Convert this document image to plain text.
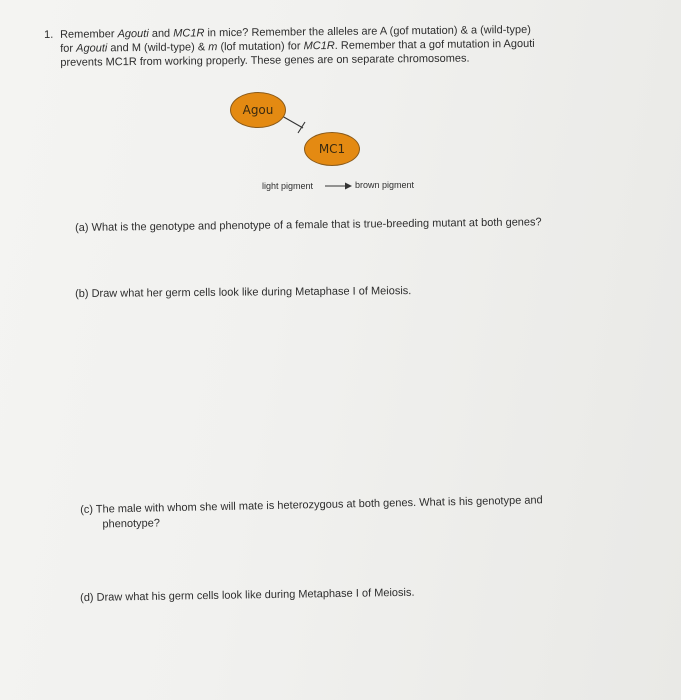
1. Remember Agouti and MC1R in mice? Remember the alleles are A (gof mutation) & a (wild-type)
for Agouti and M (wild-type) & m (lof mutation) for MC1R. Remember that a gof mutation in Agouti
prevents MC1R from working properly. These genes are on separate chromosomes.
Agou
MC1
light pigment	brown pigment
(a) What is the genotype and phenotype of a female that is true-breeding mutant at both genes?
(b) Draw what her germ cells look like during Metaphase I of Meiosis.
(c) The male with whom she will mate is heterozygous at both genes. What is his genotype and
phenotype?
(d) Draw what his germ cells look like during Metaphase I of Meiosis.
